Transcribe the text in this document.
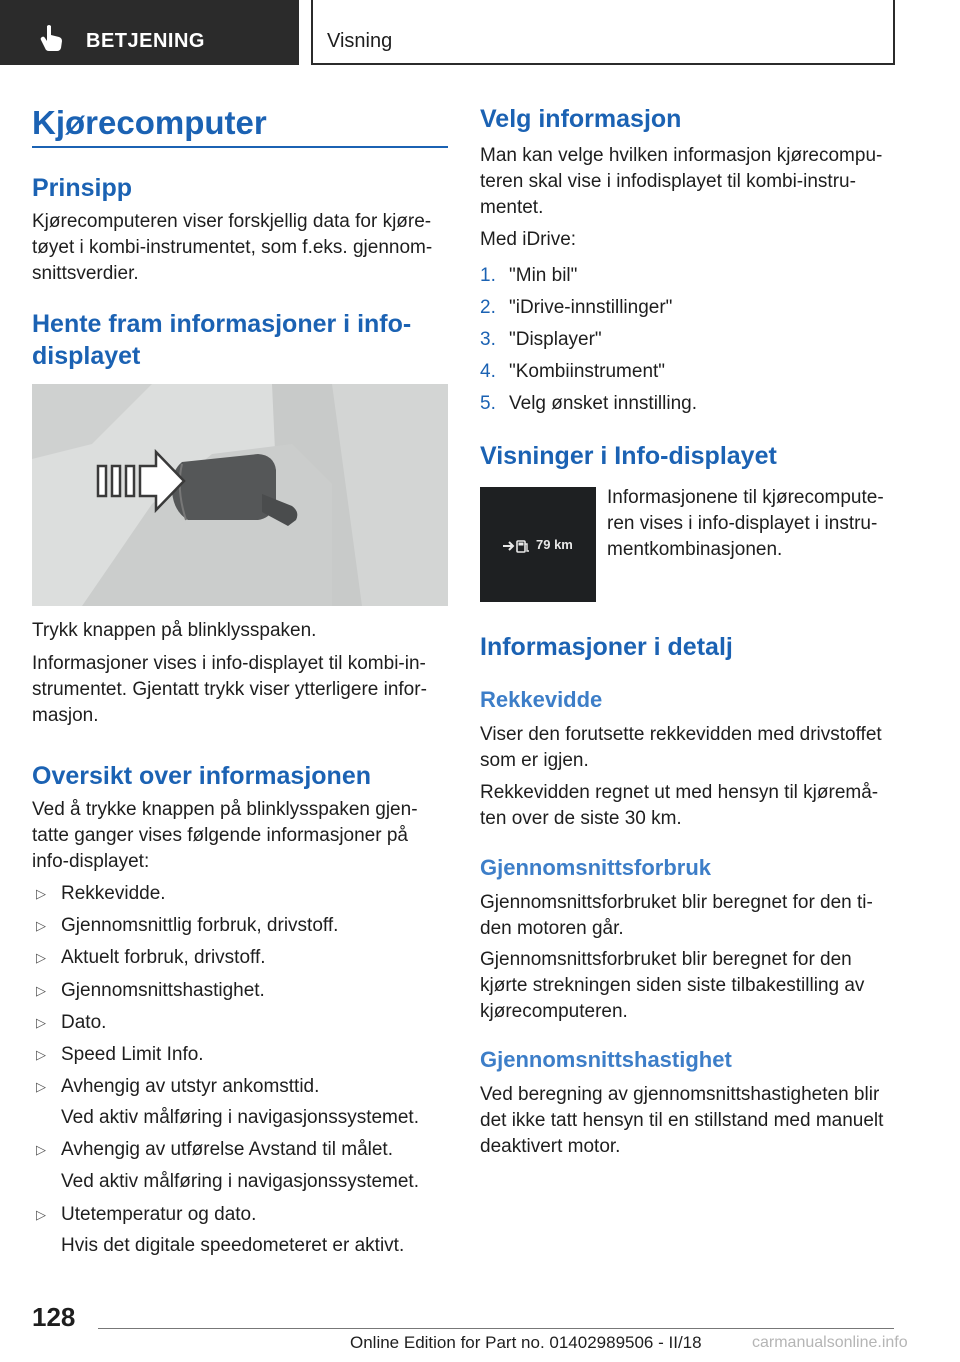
BETJENING	Visning
Kjørecomputer
Prinsipp

Kjørecomputeren viser forskjellig data for kjøre-

tøyet i kombi-instrumentet, som f.eks. gjennom-

snittsverdier.

Hente fram informasjoner i info-
displayet

Trykk knappen på blinklysspaken.

Informasjoner vises i info-displayet til kombi-in-

strumentet. Gjentatt trykk viser ytterligere infor-

masjon.

Oversikt over informasjonen

Ved å trykke knappen på blinklysspaken gjen-

tatte ganger vises følgende informasjoner på

info-displayet:

▷ Rekkevidde.

▷ Gjennomsnittlig forbruk, drivstoff.

▷ Aktuelt forbruk, drivstoff.

▷ Gjennomsnittshastighet.

▷ Dato.

▷ Speed Limit Info.

▷ Avhengig av utstyr ankomsttid.

Ved aktiv målføring i navigasjonssystemet.

▷ Avhengig av utførelse Avstand til målet.

Ved aktiv målføring i navigasjonssystemet.

▷ Utetemperatur og dato.

Hvis det digitale speedometeret er aktivt.

Velg informasjon

Man kan velge hvilken informasjon kjørecompu-

teren skal vise i infodisplayet til kombi-instru-

mentet.

Med iDrive:

1. "Min bil"

2. "iDrive-innstillinger"

3. "Displayer"

4. "Kombiinstrument"

5. Velg ønsket innstilling.

Visninger i Info-displayet
79 km

Informasjonene til kjørecompute-

ren vises i info-displayet i instru-

mentkombinasjonen.

Informasjoner i detalj
Rekkevidde

Viser den forutsette rekkevidden med drivstoffet

som er igjen.

Rekkevidden regnet ut med hensyn til kjøremå-

ten over de siste 30 km.

Gjennomsnittsforbruk

Gjennomsnittsforbruket blir beregnet for den ti-

den motoren går.

Gjennomsnittsforbruket blir beregnet for den

kjørte strekningen siden siste tilbakestilling av

kjørecomputeren.

Gjennomsnittshastighet

Ved beregning av gjennomsnittshastigheten blir

det ikke tatt hensyn til en stillstand med manuelt

deaktivert motor.

128
Online Edition for Part no. 01402989506 - II/18	carmanualsonline.info
